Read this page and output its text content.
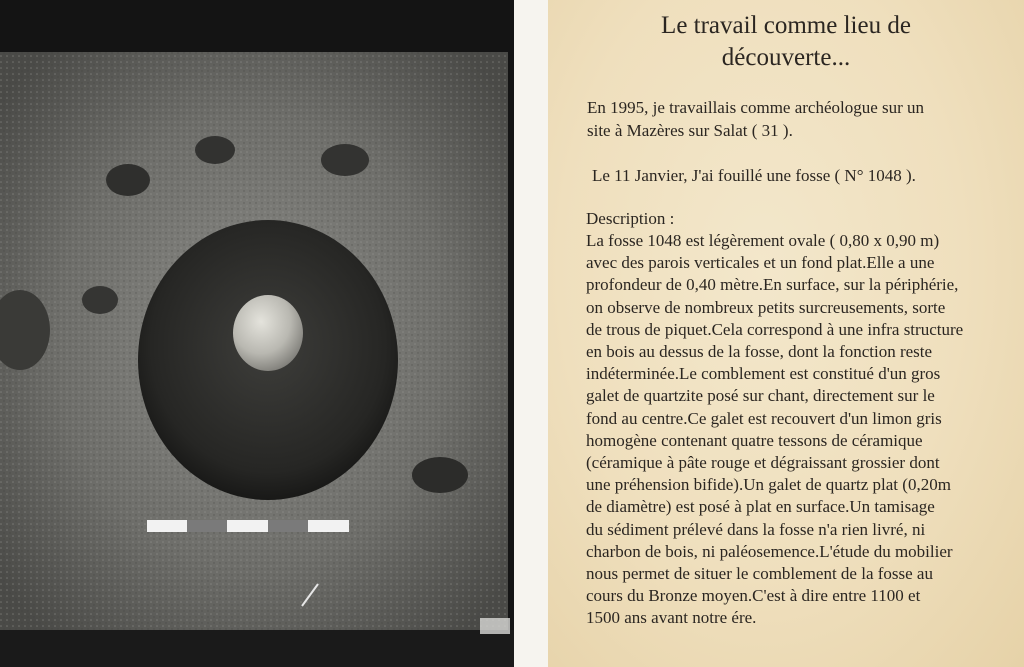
Le travail comme lieu de
découverte...

En 1995, je travaillais comme archéologue sur un
site à Mazères sur Salat ( 31 ).

Le 11 Janvier, J'ai fouillé une fosse ( N° 1048 ).

Description :

La fosse 1048 est légèrement ovale ( 0,80 x 0,90 m)
avec des parois verticales et un fond plat.Elle a une
profondeur de 0,40 mètre.En surface, sur la périphérie,
on observe de nombreux petits surcreusements, sorte
de trous de piquet.Cela correspond à une infra structure
en bois au dessus de la fosse, dont la fonction reste
indéterminée.Le comblement est constitué d'un gros
galet de quartzite posé sur chant, directement sur le
fond au centre.Ce galet est recouvert d'un limon gris
homogène contenant quatre tessons de céramique
(céramique à pâte rouge et dégraissant grossier dont
une préhension bifide).Un galet de quartz plat (0,20m
de diamètre) est posé à plat en surface.Un tamisage
du sédiment prélevé dans la fosse n'a rien livré, ni
charbon de bois, ni paléosemence.L'étude du mobilier
nous permet de situer le comblement de la fosse au
cours du Bronze moyen.C'est à dire entre 1100 et
1500 ans avant notre ére.
